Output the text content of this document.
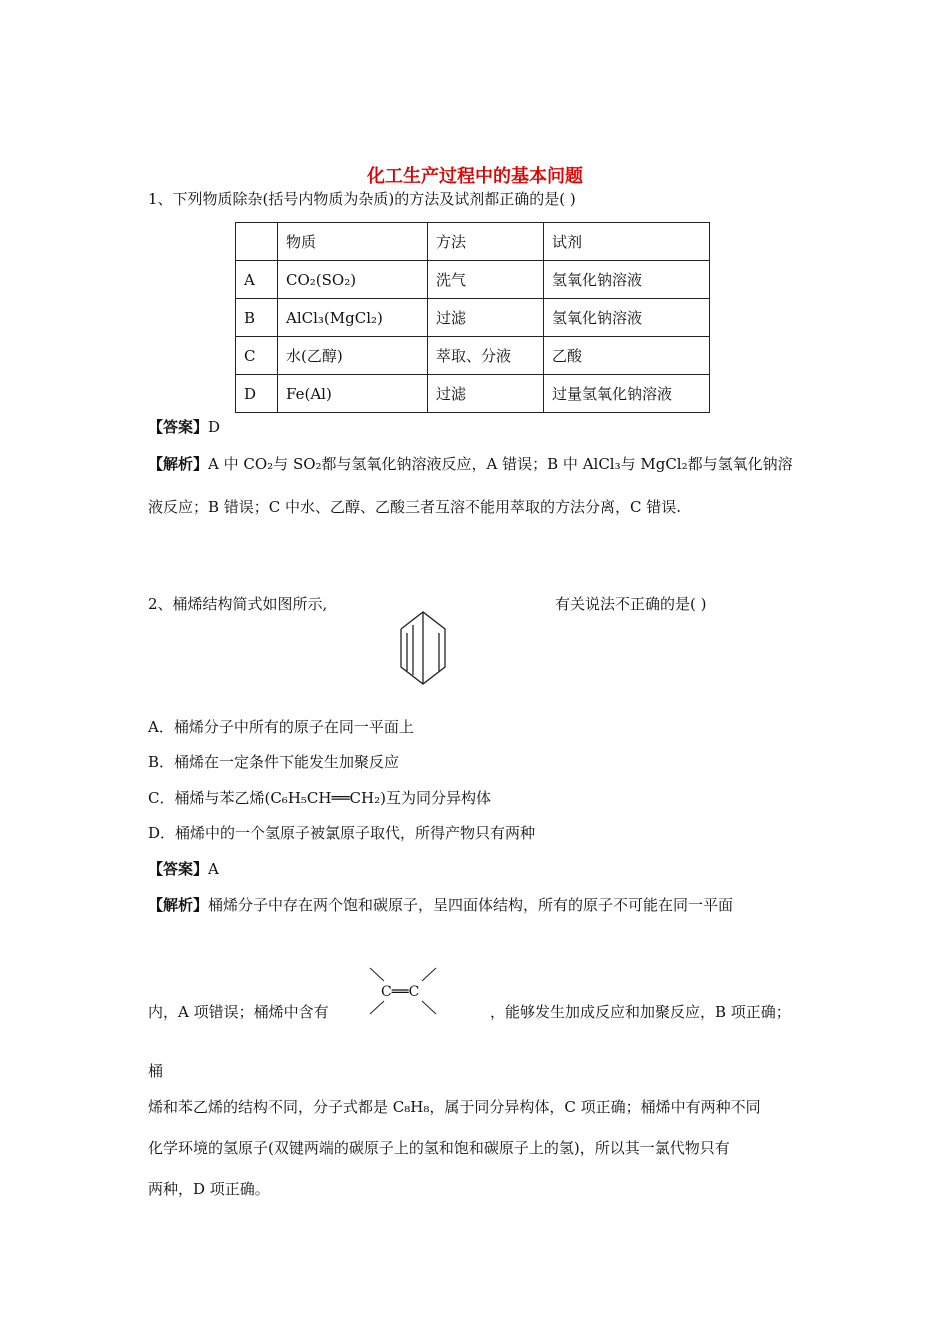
化工生产过程中的基本问题
1、下列物质除杂(括号内物质为杂质)的方法及试剂都正确的是( )
	物质	方法	试剂
A	CO₂(SO₂)	洗气	氢氧化钠溶液
B	AlCl₃(MgCl₂)	过滤	氢氧化钠溶液
C	水(乙醇)	萃取、分液	乙酸
D	Fe(Al)	过滤	过量氢氧化钠溶液
【答案】D
【解析】A 中 CO₂与 SO₂都与氢氧化钠溶液反应，A 错误；B 中 AlCl₃与 MgCl₂都与氢氧化钠溶
液反应；B 错误；C 中水、乙醇、乙酸三者互溶不能用萃取的方法分离，C 错误.
2、桶烯结构简式如图所示,	有关说法不正确的是( )
A．桶烯分子中所有的原子在同一平面上
B．桶烯在一定条件下能发生加聚反应
C．桶烯与苯乙烯(C₆H₅CH══CH₂)互为同分异构体
D．桶烯中的一个氢原子被氯原子取代，所得产物只有两种
【答案】A
【解析】桶烯分子中存在两个饱和碳原子，呈四面体结构，所有的原子不可能在同一平面
C══C
内，A 项错误；桶烯中含有	，能够发生加成反应和加聚反应，B 项正确；
桶
烯和苯乙烯的结构不同，分子式都是 C₈H₈，属于同分异构体，C 项正确；桶烯中有两种不同
化学环境的氢原子(双键两端的碳原子上的氢和饱和碳原子上的氢)，所以其一氯代物只有
两种，D 项正确。
